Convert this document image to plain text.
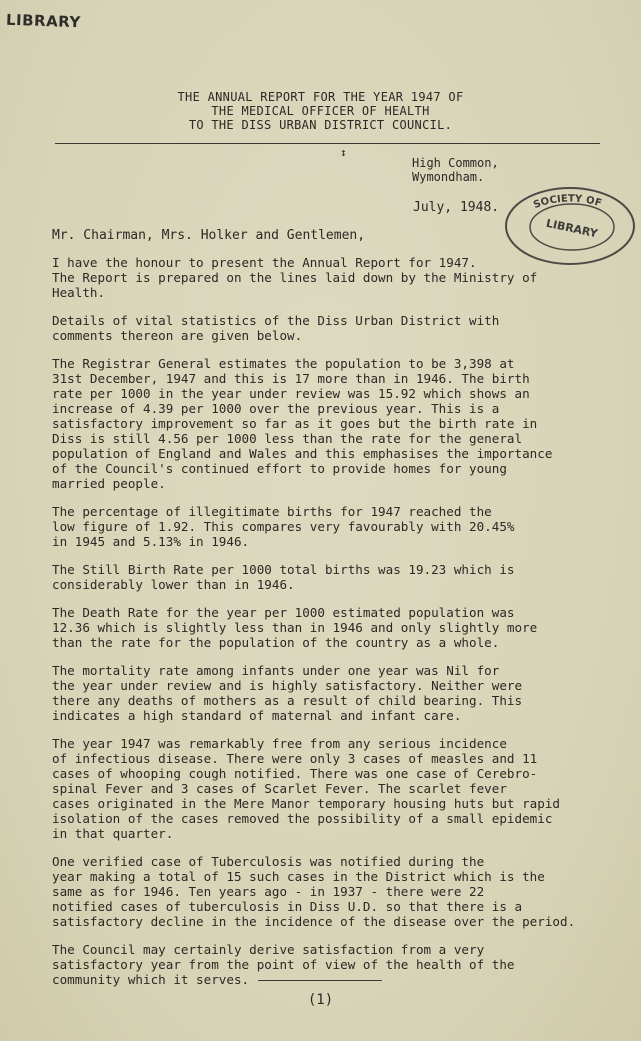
LIBRARY
THE ANNUAL REPORT FOR THE YEAR 1947 OF
THE MEDICAL OFFICER OF HEALTH
TO THE DISS URBAN DISTRICT COUNCIL.
↕
High Common,
Wymondham.
July, 1948.	SOCIETY OF
LIBRARY
Mr. Chairman, Mrs. Holker and Gentlemen,

I have the honour to present the Annual Report for 1947.
The Report is prepared on the lines laid down by the Ministry of
Health.

Details of vital statistics of the Diss Urban District with
comments thereon are given below.

The Registrar General estimates the population to be 3,398 at
31st December, 1947 and this is 17 more than in 1946. The birth
rate per 1000 in the year under review was 15.92 which shows an
increase of 4.39 per 1000 over the previous year. This is a
satisfactory improvement so far as it goes but the birth rate in
Diss is still 4.56 per 1000 less than the rate for the general
population of England and Wales and this emphasises the importance
of the Council's continued effort to provide homes for young
married people.

The percentage of illegitimate births for 1947 reached the
low figure of 1.92. This compares very favourably with 20.45%
in 1945 and 5.13% in 1946.

The Still Birth Rate per 1000 total births was 19.23 which is
considerably lower than in 1946.

The Death Rate for the year per 1000 estimated population was
12.36 which is slightly less than in 1946 and only slightly more
than the rate for the population of the country as a whole.

The mortality rate among infants under one year was Nil for
the year under review and is highly satisfactory. Neither were
there any deaths of mothers as a result of child bearing. This
indicates a high standard of maternal and infant care.

The year 1947 was remarkably free from any serious incidence
of infectious disease. There were only 3 cases of measles and 11
cases of whooping cough notified. There was one case of Cerebro-
spinal Fever and 3 cases of Scarlet Fever. The scarlet fever
cases originated in the Mere Manor temporary housing huts but rapid
isolation of the cases removed the possibility of a small epidemic
in that quarter.

One verified case of Tuberculosis was notified during the
year making a total of 15 such cases in the District which is the
same as for 1946. Ten years ago - in 1937 - there were 22
notified cases of tuberculosis in Diss U.D. so that there is a
satisfactory decline in the incidence of the disease over the period.

The Council may certainly derive satisfaction from a very
satisfactory year from the point of view of the health of the
community which it serves.

(1)
